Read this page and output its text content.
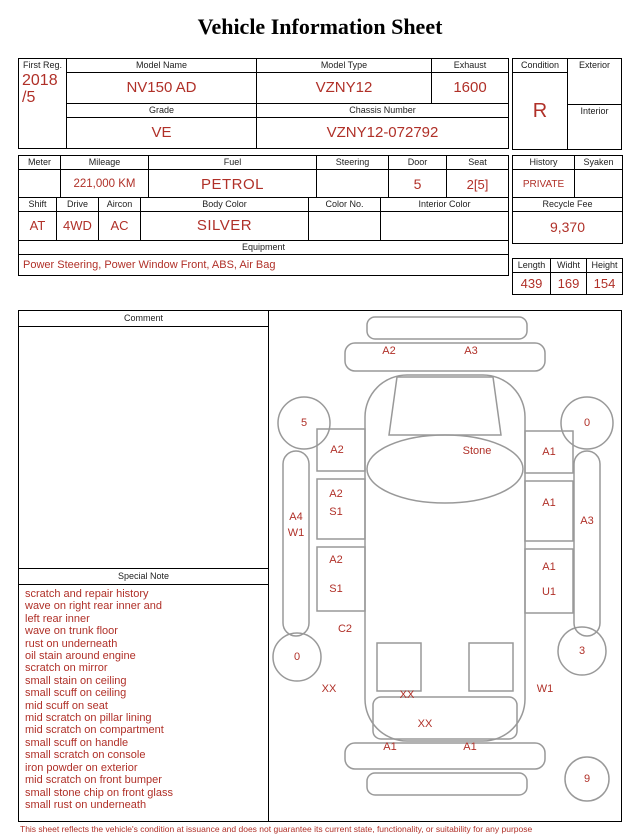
Vehicle Information Sheet
First Reg.
2018
/5	Model Name	Model Type	Exhaust
	NV150 AD	VZNY12	1600
	Grade	Chassis Number	
	VE	VZNY12-072792	
Condition
R
Exterior
Interior
Meter	Mileage	Fuel	Steering	Door	Seat
	221,000 KM	PETROL		5	2[5]
History	Syaken
PRIVATE	
Shift	Drive	Aircon	Body Color	Color No.	Interior Color
AT	4WD	AC	SILVER		
Equipment					
Power Steering, Power Window Front, ABS, Air Bag					
Recycle Fee
9,370
Length	Widht	Height
439	169	154
Comment
Special Note
scratch and repair history
wave on right rear inner and
left rear inner
wave on trunk floor
rust on underneath
oil stain around engine
scratch on mirror
small stain on ceiling
small scuff on ceiling
mid scuff on seat
mid scratch on pillar lining
mid scratch on compartment
small scuff on handle
small scratch on console
iron powder on exterior
mid scratch on front bumper
small stone chip on front glass
small rust on underneath
A2	A3
5	0
A2	A1
Stone
A2
S1
A1
A4
W1
A3
A2
S1
A1
U1
C2
0	3
XX	XX	W1
XX
A1	A1
9
This sheet reflects the vehicle's condition at issuance and does not guarantee its current state, functionality, or suitability for any purpose
